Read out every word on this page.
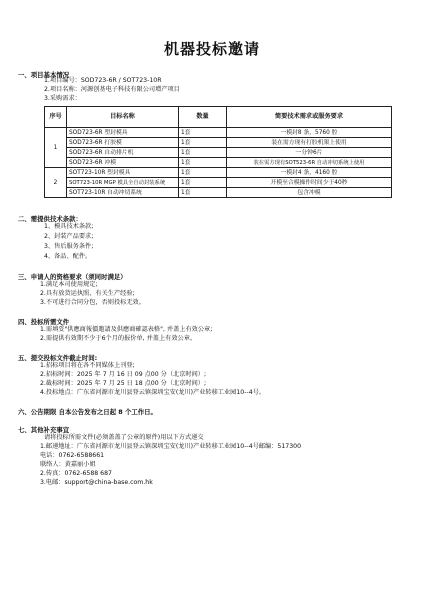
机器投标邀请
一、项目基本情况
1.项目编号：SOD723-6R / SOT723-10R
2.项目名称：河源创基电子科技有限公司增产项目
3.采购需求：
序号	目标名称	数量	简要技术需求或服务要求
1	SOD723-6R 塑封模具	1套	一模封8 条，5760 腔
	SOD723-6R 打胶模	1套	装在需方现有打胶机架上使用
	SOD723-6R 自动排片机	1套	一分钟6片
	SOD723-6R 冲模	1套	装在需方现有SOT523-6R 自动冲切系统上使用
2	SOT723-10R 塑封模具	1套	一模封4 条，4160 腔
	SOT723-10R MGP 模具全自动封装系统	1套	开模至合模操作时间少于40秒
	SOT723-10R 自动冲切系统	1套	包含冲模
二、需提供技术条款：
1、模具技术条款;
2、封装产品要求;
3、售后服务条件;
4、备品、配件。
三、申请人的资格要求（须同时满足）
1.满足本司使用规定;
2.具有放货运执照，有关生产经验;
3.不可进行合同分包，否则投标无效。
四、投标所需文件
1.需填妥"供應商報價邀請及供應商確認表格", 并盖上有效公章;
2.需提供有效期不少于6个月的报价单, 并盖上有效公章。
五、提交投标文件截止时间:
1.招标项目将在各不同媒体上刊登;
2.招标时间：2025 年 7 月 16 日 09 点00 分（北京时间）;
2.截标时间：2025 年 7 月 25 日 18 点00 分（北京时间）;
4.投标地点：广东省河源市龙川县登云镇深圳宝安(龙川)产业转移工业园10-‐4号。
六、公告期限 自本公告发布之日起 8 个工作日。
七、其他补充事宜
请将投标所需文件(必须盖盖了公章的原件)用以下方式递交
1.邮递地址：广东省河源市龙川县登云镇深圳宝安(龙川)产业转移工业园10-‐4号邮编：517300
电话：0762-6588661
联络人：黄嘉丽小姐
2.传真：0762-6588 687
3.电邮：support@china-base.com.hk
